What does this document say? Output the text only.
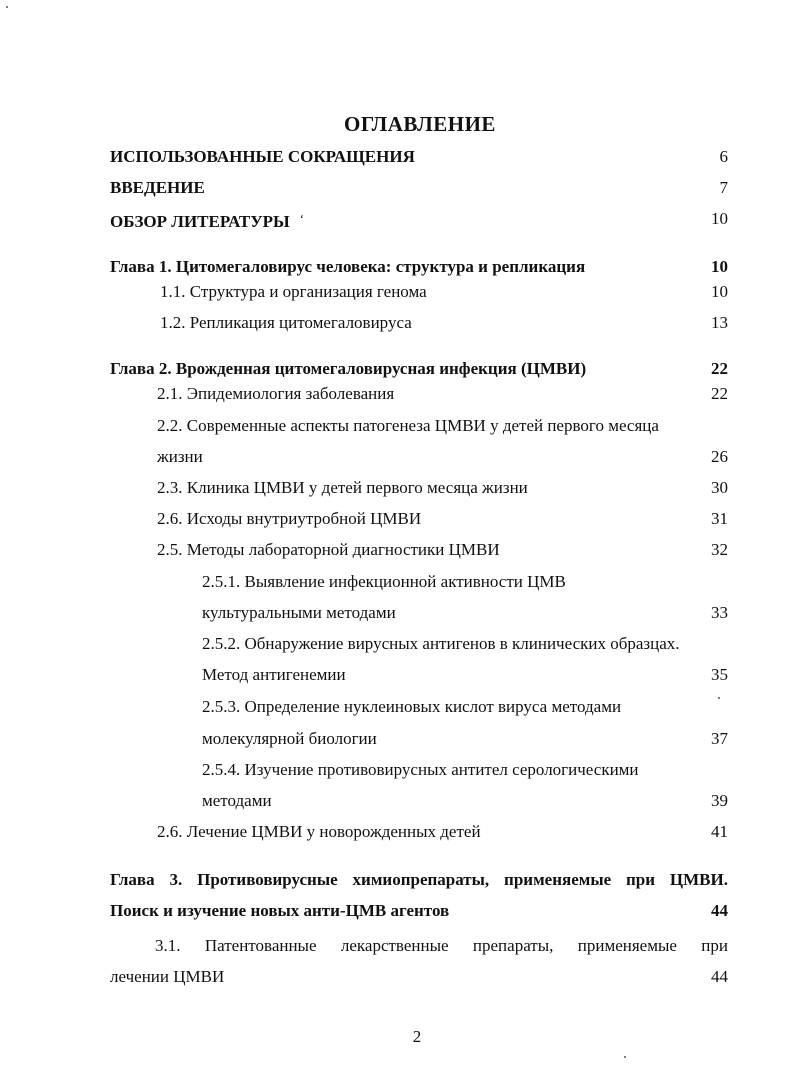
ОГЛАВЛЕНИЕ
ИСПОЛЬЗОВАННЫЕ СОКРАЩЕНИЯ	6
ВВЕДЕНИЕ	7
ОБЗОР ЛИТЕРАТУРЫ ‘	10
Глава 1. Цитомегаловирус человека: структура и репликация	10
1.1. Структура и организация генома	10
1.2. Репликация цитомегаловируса	13
Глава 2. Врожденная цитомегаловирусная инфекция (ЦМВИ)	22
2.1. Эпидемиология заболевания	22
2.2. Современные аспекты патогенеза ЦМВИ у детей первого месяца
жизни	26
2.3. Клиника ЦМВИ у детей первого месяца жизни	30
2.6. Исходы внутриутробной ЦМВИ	31
2.5. Методы лабораторной диагностики ЦМВИ	32
2.5.1. Выявление инфекционной активности ЦМВ
культуральными методами	33
2.5.2. Обнаружение вирусных антигенов в клинических образцах.
Метод антигенемии	35
2.5.3. Определение нуклеиновых кислот вируса методами
молекулярной биологии	37
2.5.4. Изучение противовирусных антител серологическими
методами	39
2.6. Лечение ЦМВИ у новорожденных детей	41
Глава 3. Противовирусные химиопрепараты, применяемые при ЦМВИ.
Поиск и изучение новых анти-ЦМВ агентов	44
3.1. Патентованные лекарственные препараты, применяемые при
лечении ЦМВИ	44
2
